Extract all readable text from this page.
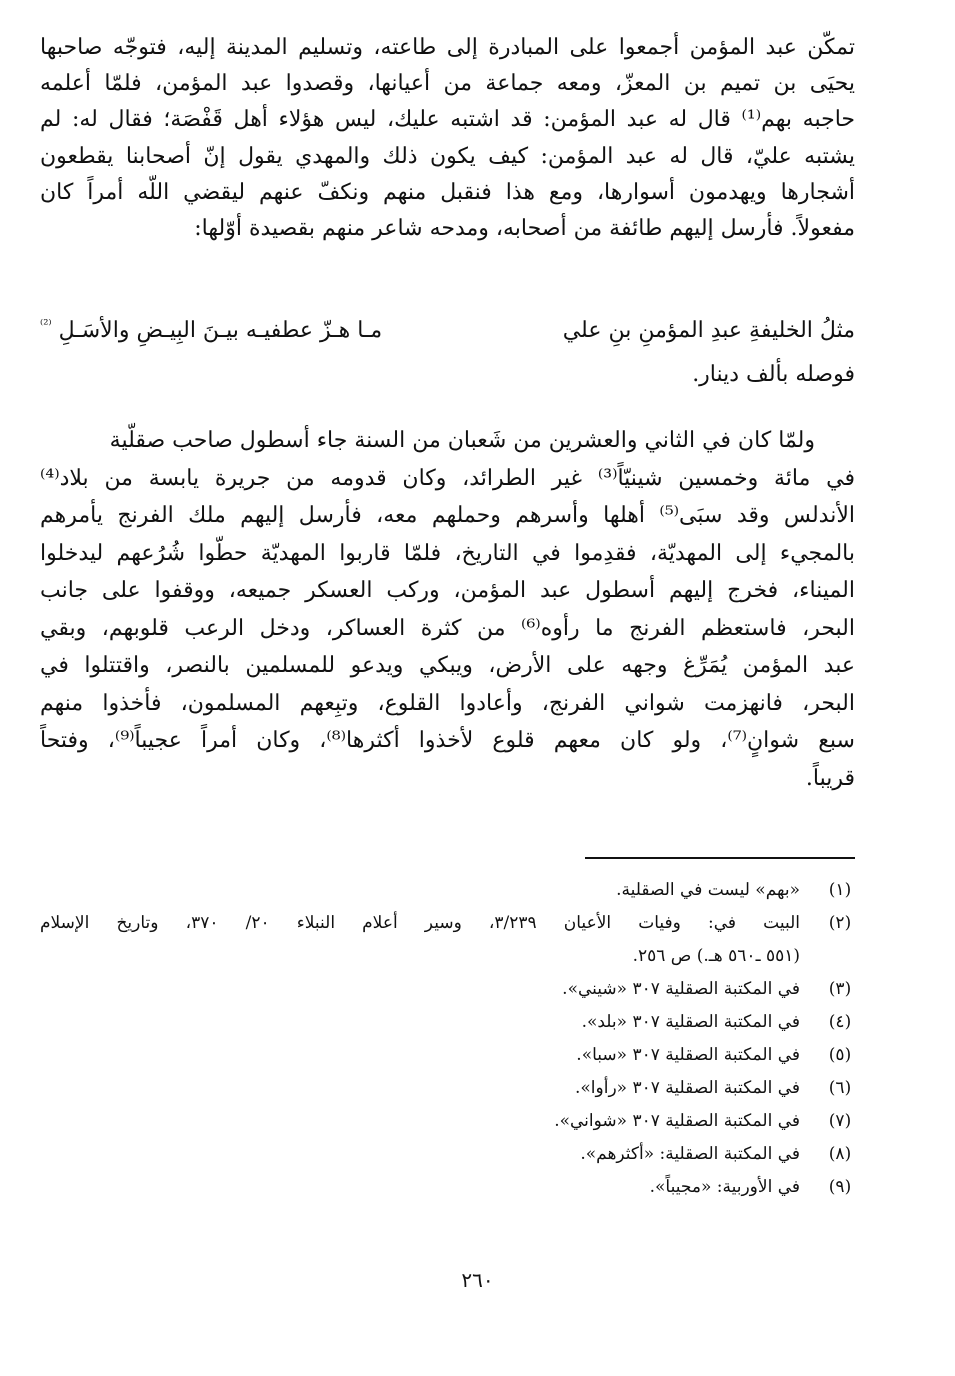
تمكّن عبد المؤمن أجمعوا على المبادرة إلى طاعته، وتسليم المدينة إليه، فتوجّه صاحبها
يحيَى بن تميم بن المعزّ، ومعه جماعة من أعيانها، وقصدوا عبد المؤمن، فلمّا أعلمه
حاجبه بهم⁽¹⁾ قال له عبد المؤمن: قد اشتبه عليك، ليس هؤلاء أهل قَفْصَة؛ فقال له: لم
يشتبه عليّ، قال له عبد المؤمن: كيف يكون ذلك والمهدي يقول إنّ أصحابنا يقطعون
أشجارها ويهدمون أسوارها، ومع هذا فنقبل منهم ونكفّ عنهم ليقضي اللّه أمراً كان
مفعولاً. فأرسل إليهم طائفة من أصحابه، ومدحه شاعر منهم بقصيدة أوّلها:
مثلُ الخليفةِ عبدِ المؤمنِ بنِ علي
مـا هـزّ عطفيـه بيـنَ البِيـضِ والأسَـلِ $^{^{(2)}}$
فوصله بألف دينار.
ولمّا كان في الثاني والعشرين من شَعبان من السنة جاء أسطول صاحب صقلّية
في مائة وخمسين شينيّاً⁽³⁾ غير الطرائد، وكان قدومه من جريرة يابسة من بلاد⁽⁴⁾
الأندلس وقد سبَى⁽⁵⁾ أهلها وأسرهم وحملهم معه، فأرسل إليهم ملك الفرنج يأمرهم
بالمجيء إلى المهديّة، فقدِموا في التاريخ، فلمّا قاربوا المهديّة حطّوا شُرُعهم ليدخلوا
الميناء، فخرج إليهم أسطول عبد المؤمن، وركب العسكر جميعه، ووقفوا على جانب
البحر، فاستعظم الفرنج ما رأوه⁽⁶⁾ من كثرة العساكر، ودخل الرعب قلوبهم، وبقي
عبد المؤمن يُمَرِّغ وجهه على الأرض، ويبكي ويدعو للمسلمين بالنصر، واقتتلوا في
البحر، فانهزمت شواني الفرنج، وأعادوا القلوع، وتبِعهم المسلمون، فأخذوا منهم
سبع شوانٍ⁽⁷⁾، ولو كان معهم قلوع لأخذوا أكثرها⁽⁸⁾، وكان أمراً عجيباً⁽⁹⁾، وفتحاً
قريباً.
(١)
«بهم» ليست في الصقلية.
(٢)
البيت في: وفيات الأعيان ٣/٢٣٩، وسير أعلام النبلاء ٢٠/ ٣٧٠، وتاريخ الإسلام
(٥٥١ ـ٥٦٠ هـ.) ص ٢٥٦.
(٣)
في المكتبة الصقلية ٣٠٧ «شيني».
(٤)
في المكتبة الصقلية ٣٠٧ «بلد».
(٥)
في المكتبة الصقلية ٣٠٧ «سبا».
(٦)
في المكتبة الصقلية ٣٠٧ «رأوا».
(٧)
في المكتبة الصقلية ٣٠٧ «شواني».
(٨)
في المكتبة الصقلية: «أكثرهم».
(٩)
في الأوربية: «مجيباً».
٢٦٠
